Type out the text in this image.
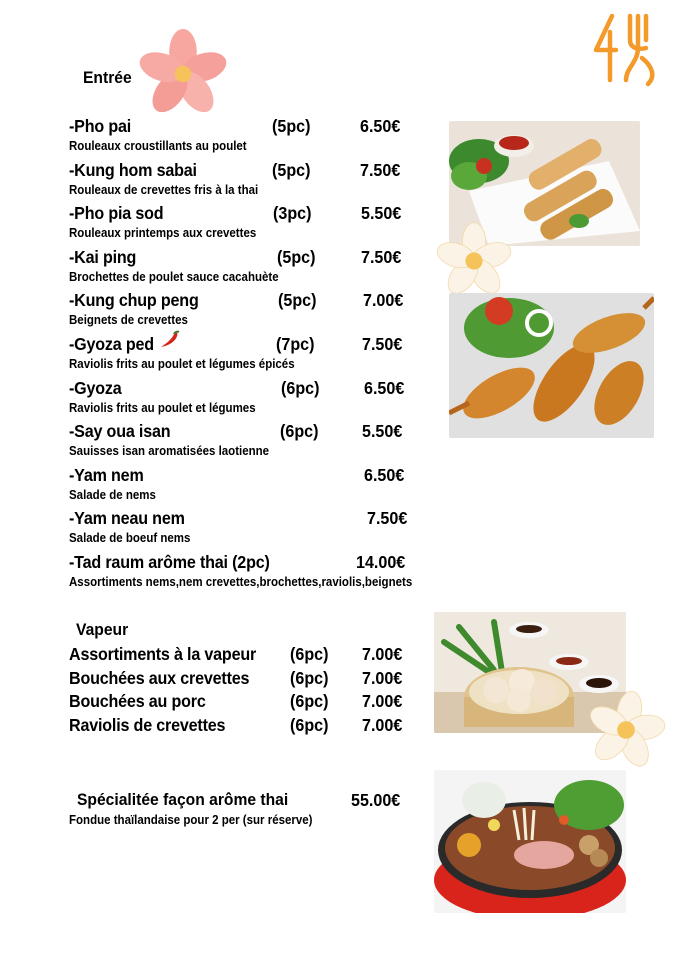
Entrée
-Pho pai	(5pc)	6.50€
Rouleaux croustillants au poulet
-Kung hom sabai	(5pc)	7.50€
Rouleaux de crevettes fris à la thai
-Pho pia sod	(3pc)	5.50€
Rouleaux printemps aux crevettes
-Kai ping	(5pc)	7.50€
Brochettes de poulet sauce cacahuète
-Kung chup peng	(5pc)	7.00€
Beignets de crevettes
-Gyoza ped	(7pc)	7.50€
Raviolis frits au poulet et légumes épicés
-Gyoza	(6pc)	6.50€
Raviolis frits au poulet et légumes
-Say oua isan	(6pc) 5.50€
Sauisses isan aromatisées laotienne
-Yam nem	6.50€
Salade de nems
-Yam neau nem	7.50€
Salade de boeuf nems
-Tad raum arôme thai (2pc)	14.00€
Assortiments nems,nem crevettes,brochettes,raviolis,beignets
Vapeur
Assortiments à la vapeur (6pc) 7.00€
Bouchées aux crevettes (6pc) 7.00€
Bouchées au porc	(6pc) 7.00€
Raviolis de crevettes	(6pc) 7.00€
Spécialitée façon arôme thai	55.00€
Fondue thaïlandaise pour 2 per (sur réserve)
